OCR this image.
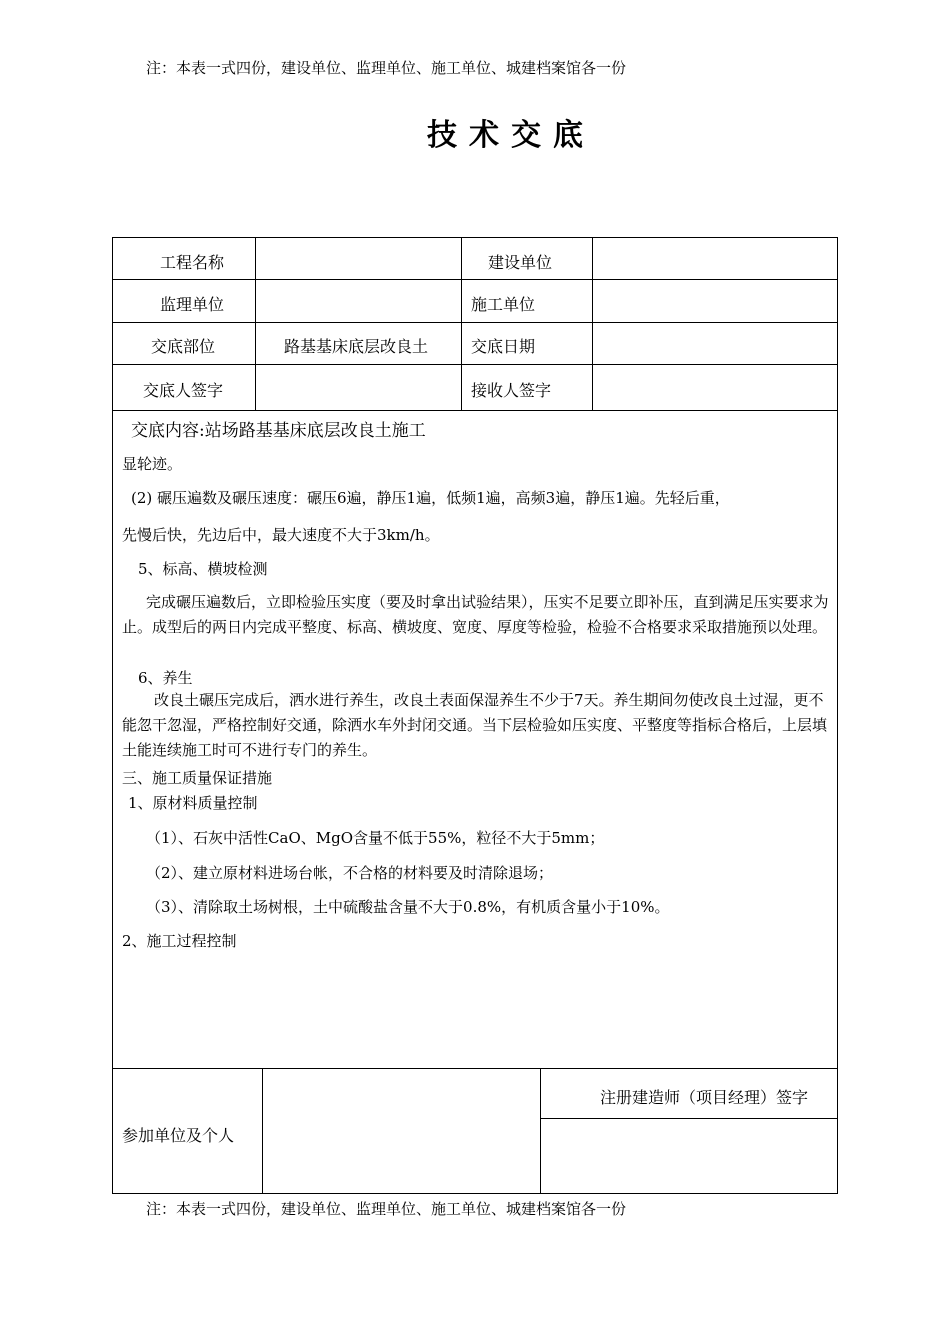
注：本表一式四份，建设单位、监理单位、施工单位、城建档案馆各一份
技术交底
工程名称	建设单位
监理单位	施工单位
交底部位	路基基床底层改良土	交底日期
交底人签字	接收人签字
交底内容:站场路基基床底层改良土施工
显轮迹。
(2) 碾压遍数及碾压速度：碾压6遍，静压1遍，低频1遍，高频3遍，静压1遍。先轻后重，
先慢后快，先边后中，最大速度不大于3km/h。
5、标高、横坡检测
完成碾压遍数后，立即检验压实度（要及时拿出试验结果），压实不足要立即补压，直到满足压实要求为止。成型后的两日内完成平整度、标高、横坡度、宽度、厚度等检验，检验不合格要求采取措施预以处理。
6、养生
改良土碾压完成后，洒水进行养生，改良土表面保湿养生不少于7天。养生期间勿使改良土过湿，更不能忽干忽湿，严格控制好交通，除洒水车外封闭交通。当下层检验如压实度、平整度等指标合格后，上层填土能连续施工时可不进行专门的养生。
三、施工质量保证措施
1、原材料质量控制
（1）、石灰中活性CaO、MgO含量不低于55%，粒径不大于5mm；
（2）、建立原材料进场台帐，不合格的材料要及时清除退场；
（3）、清除取土场树根，土中硫酸盐含量不大于0.8%，有机质含量小于10%。
2、施工过程控制
参加单位及个人
注册建造师（项目经理）签字
注：本表一式四份，建设单位、监理单位、施工单位、城建档案馆各一份
